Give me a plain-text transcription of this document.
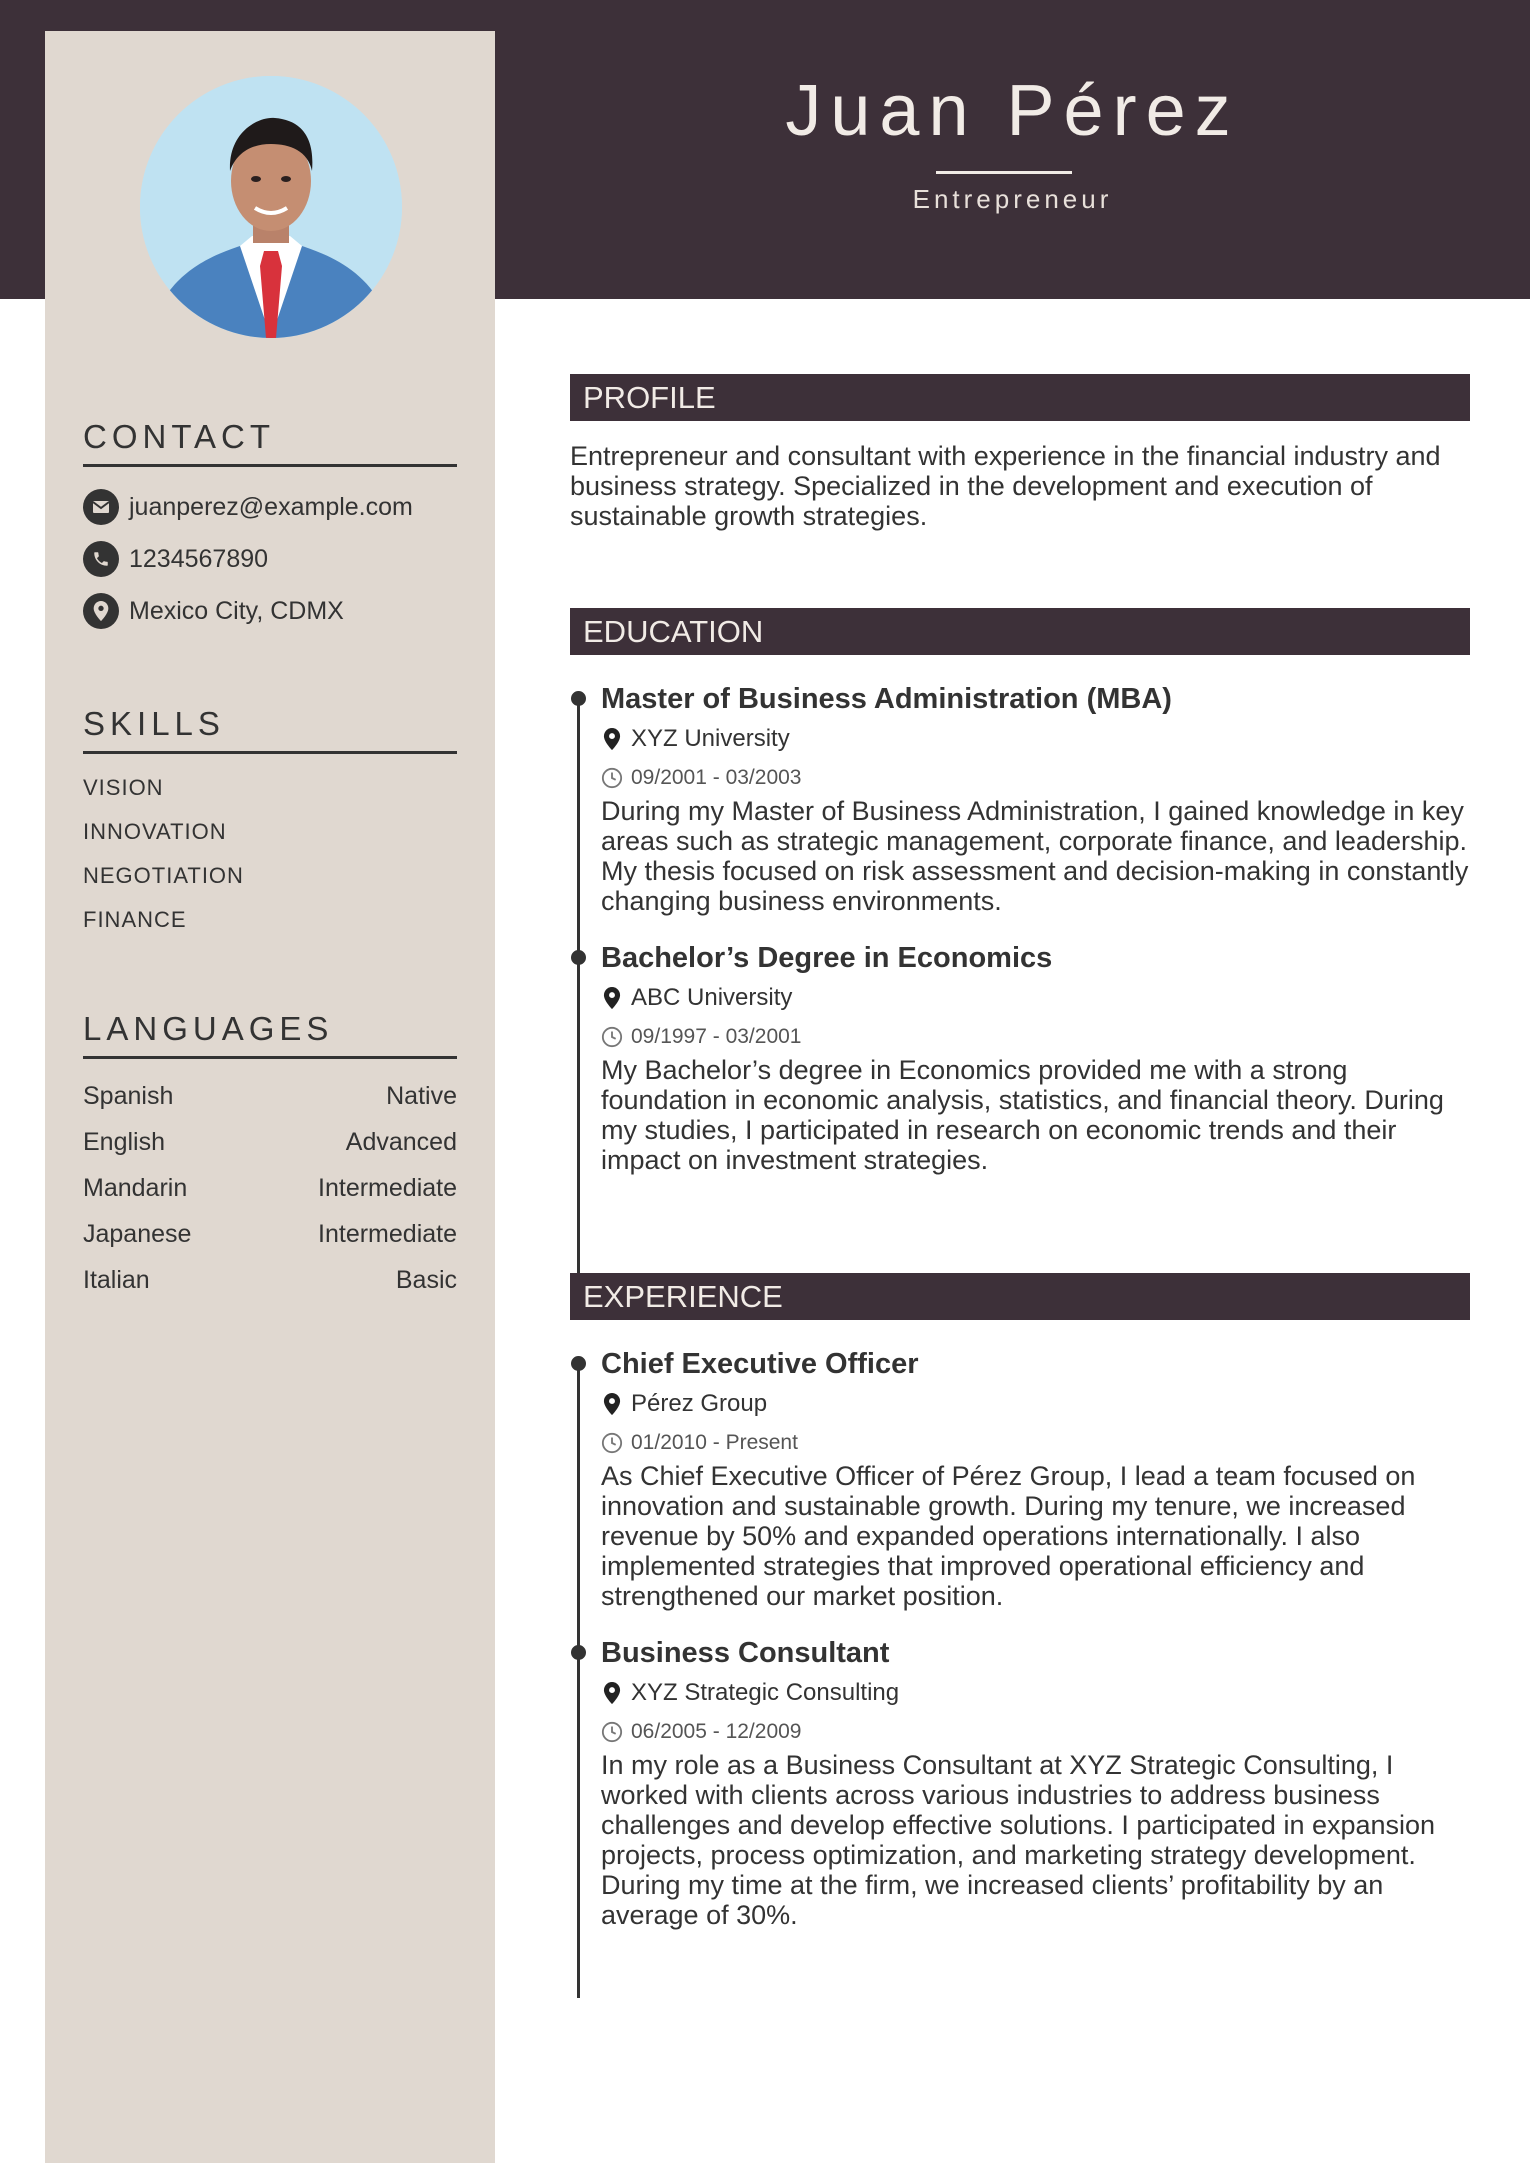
Juan Pérez
Entrepreneur
CONTACT
juanperez@example.com
1234567890
Mexico City, CDMX
SKILLS
VISION
INNOVATION
NEGOTIATION
FINANCE
LANGUAGES
Spanish	Native
English	Advanced
Mandarin	Intermediate
Japanese	Intermediate
Italian	Basic
PROFILE
Entrepreneur and consultant with experience in the financial industry and business strategy. Specialized in the development and execution of sustainable growth strategies.
EDUCATION
Master of Business Administration (MBA)
XYZ University
09/2001 - 03/2003
During my Master of Business Administration, I gained knowledge in key areas such as strategic management, corporate finance, and leadership. My thesis focused on risk assessment and decision-making in constantly changing business environments.
Bachelor’s Degree in Economics
ABC University
09/1997 - 03/2001
My Bachelor’s degree in Economics provided me with a strong foundation in economic analysis, statistics, and financial theory. During my studies, I participated in research on economic trends and their impact on investment strategies.
EXPERIENCE
Chief Executive Officer
Pérez Group
01/2010 - Present
As Chief Executive Officer of Pérez Group, I lead a team focused on innovation and sustainable growth. During my tenure, we increased revenue by 50% and expanded operations internationally. I also implemented strategies that improved operational efficiency and strengthened our market position.
Business Consultant
XYZ Strategic Consulting
06/2005 - 12/2009
In my role as a Business Consultant at XYZ Strategic Consulting, I worked with clients across various industries to address business challenges and develop effective solutions. I participated in expansion projects, process optimization, and marketing strategy development. During my time at the firm, we increased clients’ profitability by an average of 30%.
